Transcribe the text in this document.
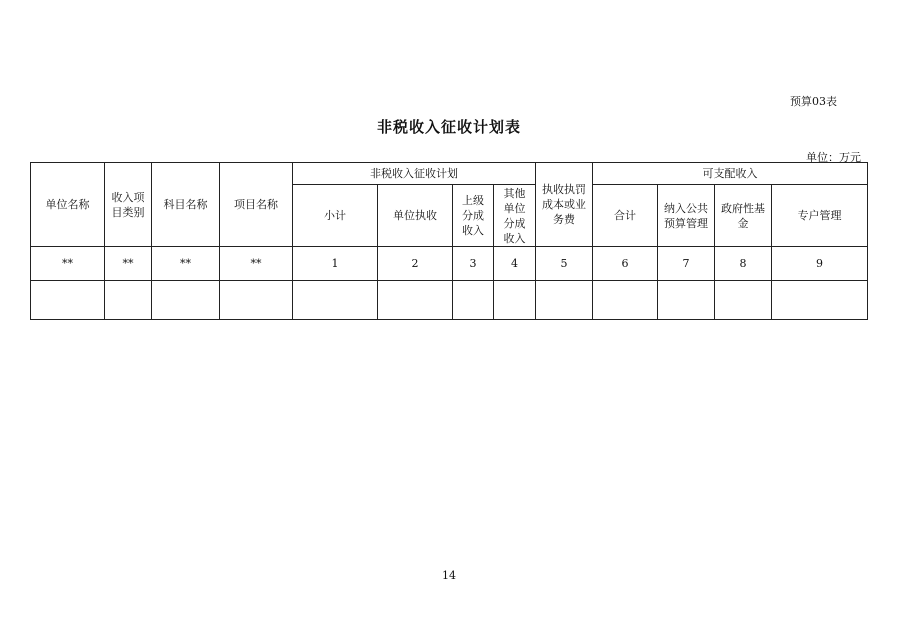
预算03表
非税收入征收计划表
单位：万元
单位名称	收入项目类别	科目名称	项目名称	非税收入征收计划				执收执罚成本或业务费	可支配收入			
				小计	单位执收	上级分成收入	其他单位分成收入		合计	纳入公共预算管理	政府性基金	专户管理
**	**	**	**	1	2	3	4	5	6	7	8	9

14
